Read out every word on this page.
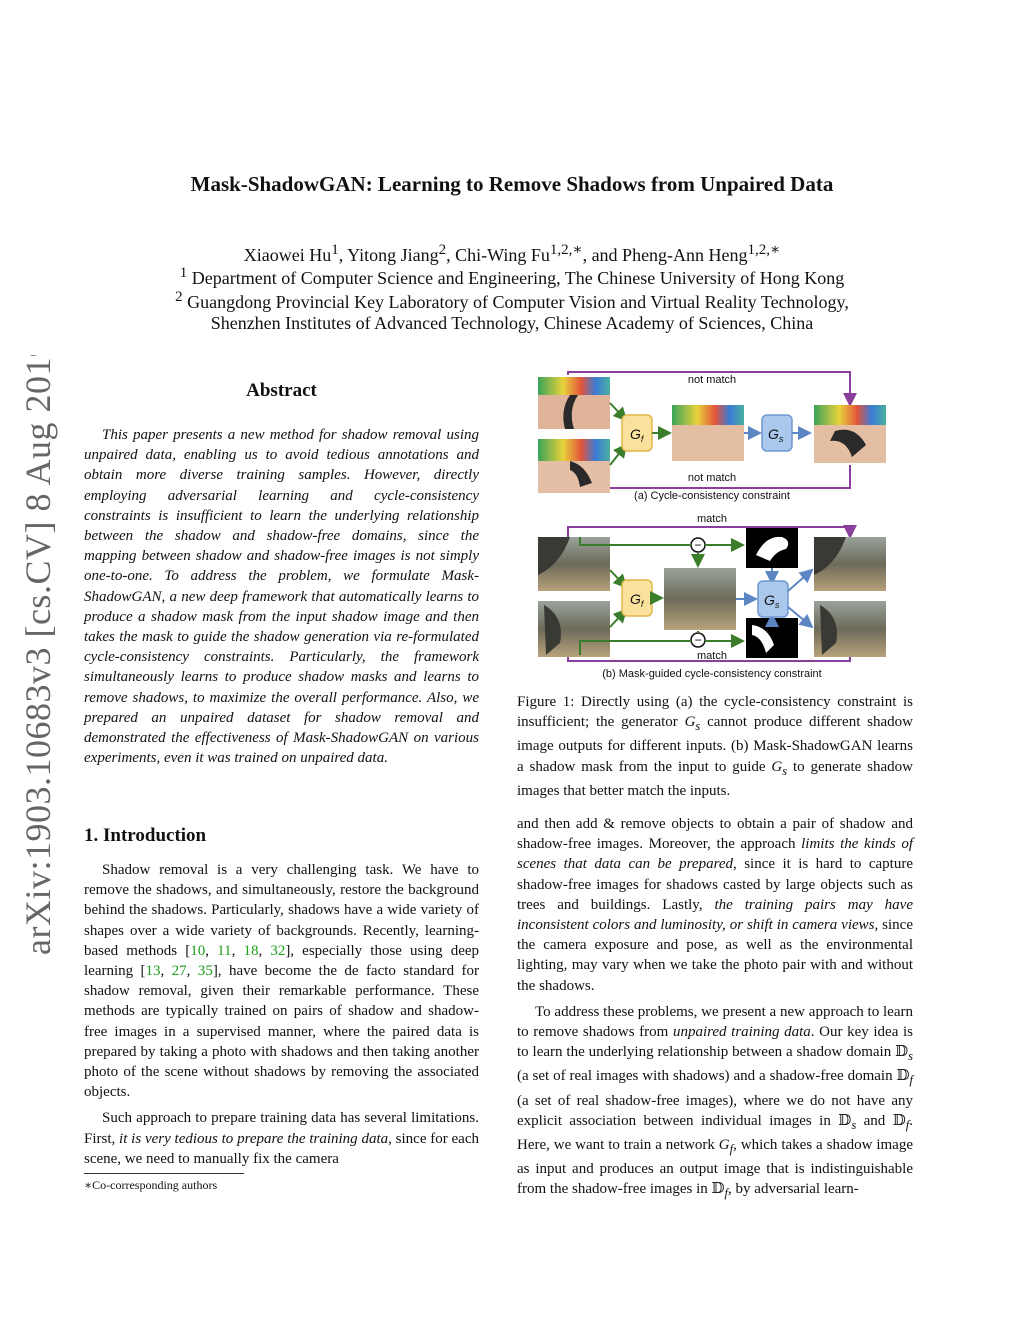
Mask-ShadowGAN: Learning to Remove Shadows from Unpaired Data
Xiaowei Hu$^1$, Yitong Jiang$^2$, Chi-Wing $Fu^{1,2,∗}$, and Pheng-Ann Heng$^{1,2,∗}$
$^1$ Department of Computer Science and Engineering, The Chinese University of Hong Kong
$^2$ Guangdong Provincial Key Laboratory of Computer Vision and Virtual Reality Technology,
Shenzhen Institutes of Advanced Technology, Chinese Academy of Sciences, China
arXiv:1903.10683v3 [cs.CV] 8 Aug 2019	Abstract

This paper presents a new method for shadow removal using unpaired data, enabling us to avoid tedious annotations and obtain more diverse training samples. However, directly employing adversarial learning and cycle-consistency constraints is insufficient to learn the underlying relationship between the shadow and shadow-free domains, since the mapping between shadow and shadow-free images is not simply one-to-one. To address the problem, we formulate Mask-ShadowGAN, a new deep framework that automatically learns to produce a shadow mask from the input shadow image and then takes the mask to guide the shadow generation via re-formulated cycle-consistency constraints. Particularly, the framework simultaneously learns to produce shadow masks and learns to remove shadows, to maximize the overall performance. Also, we prepared an unpaired dataset for shadow removal and demonstrated the effectiveness of Mask-ShadowGAN on various experiments, even it was trained on unpaired data.

1. Introduction

Shadow removal is a very challenging task. We have to remove the shadows, and simultaneously, restore the background behind the shadows. Particularly, shadows have a wide variety of shapes over a wide variety of backgrounds. Recently, learning-based methods [10, 11, 18, 32], especially those using deep learning [13, 27, 35], have become the de facto standard for shadow removal, given their remarkable performance. These methods are typically trained on pairs of shadow and shadow-free images in a supervised manner, where the paired data is prepared by taking a photo with shadows and then taking another photo of the scene without shadows by removing the associated objects.

Such approach to prepare training data has several limitations. First, it is very tedious to prepare the training data, since for each scene, we need to manually fix the camera

∗Co-corresponding authors
not match
not match
$G_f$	$G_s$
(a) Cycle-consistency constraint
match
match
$G_f$
−
−
$G_s$
(b) Mask-guided cycle-consistency constraint

Figure 1: Directly using (a) the cycle-consistency constraint is insufficient; the generator $G_s$ cannot produce different shadow image outputs for different inputs. (b) Mask-ShadowGAN learns a shadow mask from the input to guide $G_s$ to generate shadow images that better match the inputs.

and then add & remove objects to obtain a pair of shadow and shadow-free images. Moreover, the approach limits the kinds of scenes that data can be prepared, since it is hard to capture shadow-free images for shadows casted by large objects such as trees and buildings. Lastly, the training pairs may have inconsistent colors and luminosity, or shift in camera views, since the camera exposure and pose, as well as the environmental lighting, may vary when we take the photo pair with and without the shadows.

To address these problems, we present a new approach to learn to remove shadows from unpaired training data. Our key idea is to learn the underlying relationship between a shadow domain 𝔻$_s$ (a set of real images with shadows) and a shadow-free domain 𝔻$_f$ (a set of real shadow-free images), where we do not have any explicit association between individual images in 𝔻$_s$ and 𝔻$_f$. Here, we want to train a network $G_f$, which takes a shadow image as input and produces an output image that is indistinguishable from the shadow-free images in 𝔻$_f$, by adversarial learn-
